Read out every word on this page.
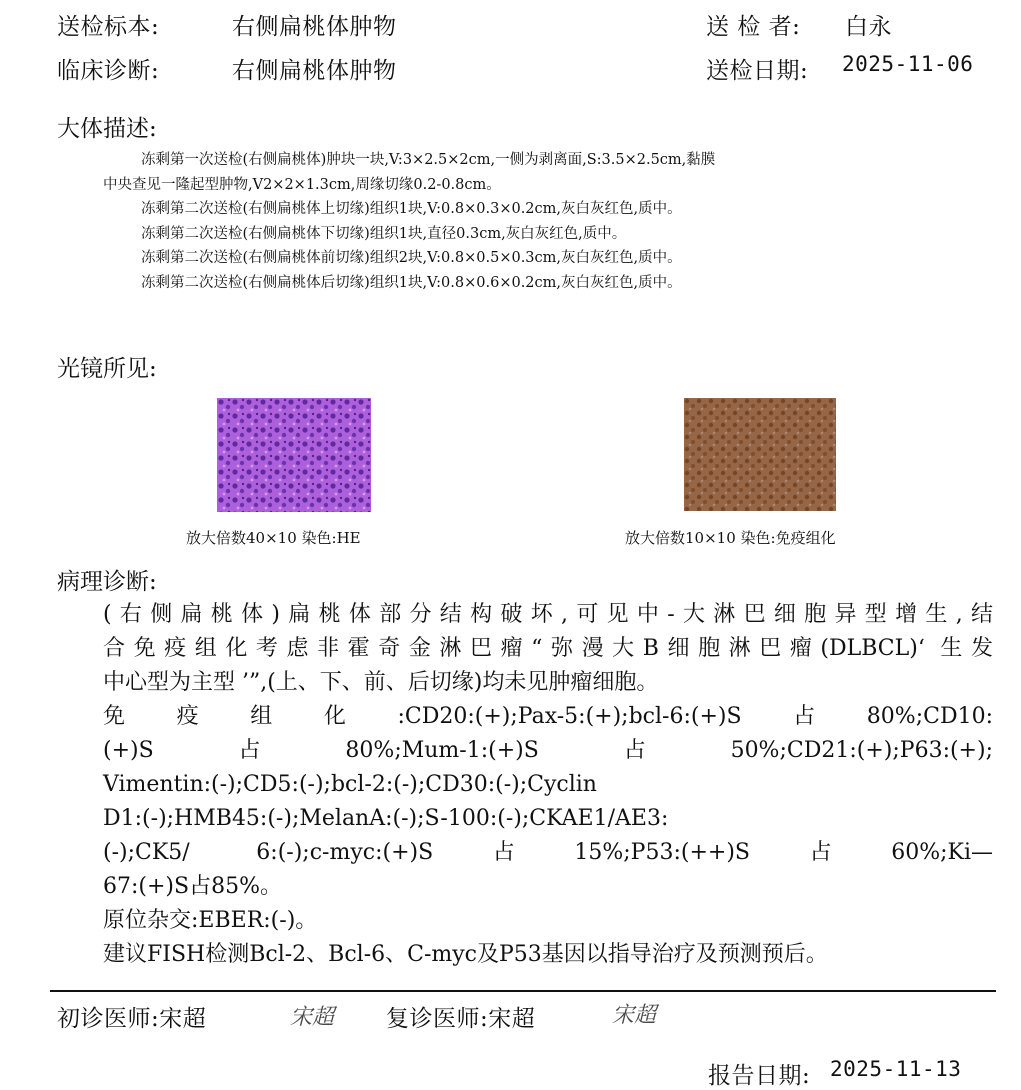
送检标本:	右侧扁桃体肿物	送 检 者: 白永
临床诊断:	右侧扁桃体肿物	送检日期: 2025-11-06
大体描述:

冻剩第一次送检(右侧扁桃体)肿块一块,V:3×2.5×2cm,一侧为剥离面,S:3.5×2.5cm,黏膜

中央查见一隆起型肿物,V2×2×1.3cm,周缘切缘0.2-0.8cm。

冻剩第二次送检(右侧扁桃体上切缘)组织1块,V:0.8×0.3×0.2cm,灰白灰红色,质中。

冻剩第二次送检(右侧扁桃体下切缘)组织1块,直径0.3cm,灰白灰红色,质中。

冻剩第二次送检(右侧扁桃体前切缘)组织2块,V:0.8×0.5×0.3cm,灰白灰红色,质中。

冻剩第二次送检(右侧扁桃体后切缘)组织1块,V:0.8×0.6×0.2cm,灰白灰红色,质中。

光镜所见:
放大倍数40×10 染色:HE	放大倍数10×10 染色:免疫组化
病理诊断:

(右侧扁桃体)扁桃体部分结构破坏,可见中-大淋巴细胞异型增生,结

合免疫组化考虑非霍奇金淋巴瘤“弥漫大B细胞淋巴瘤(DLBCL)‘ 生发

中心型为主型 ’”,(上、下、前、后切缘)均未见肿瘤细胞。

免疫组化:CD20:(+);Pax-5:(+);bcl-6:(+)S占80%;CD10:

(+)S占80%;Mum-1:(+)S占50%;CD21:(+);P63:(+);

Vimentin:(-);CD5:(-);bcl-2:(-);CD30:(-);Cyclin

D1:(-);HMB45:(-);MelanA:(-);S-100:(-);CKAE1/AE3:

(-);CK5/ 6:(-);c-myc:(+)S占15%;P53:(++)S占60%;Ki—

67:(+)S占85%。

原位杂交:EBER:(-)。

建议FISH检测Bcl-2、Bcl-6、C-myc及P53基因以指导治疗及预测预后。

初诊医师:宋超	宋超 复诊医师:宋超	宋超
报告日期: 2025-11-13
